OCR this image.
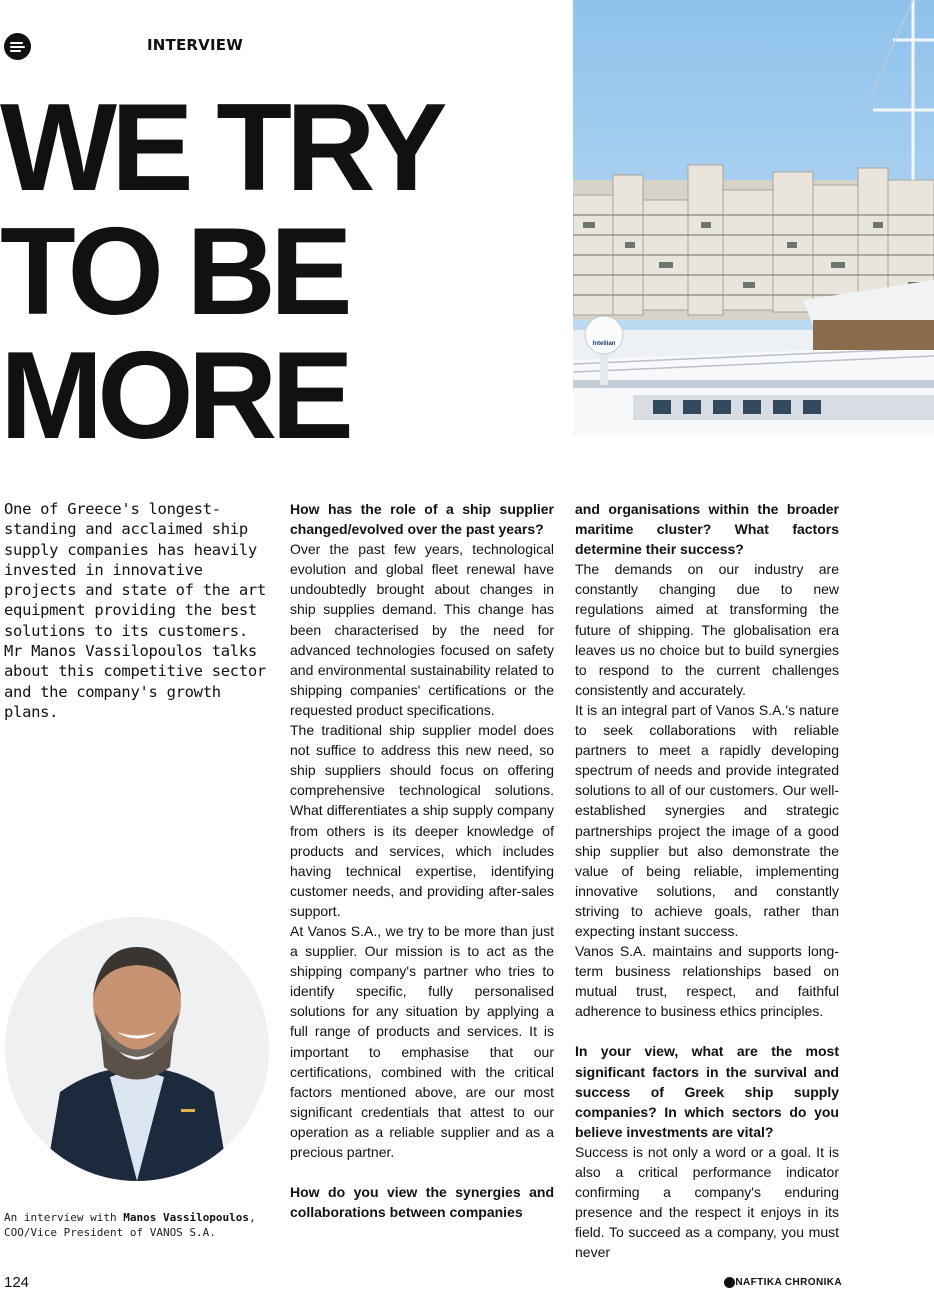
INTERVIEW
WE TRY
TO BE
MORE	Intellian

One of Greece's longest-standing and acclaimed ship supply companies has heavily invested in innovative projects and state of the art equipment providing the best solutions to its customers. Mr Manos Vassilopoulos talks about this competitive sector and the company's growth plans.

An interview with Manos Vassilopoulos, COO/Vice President of VANOS S.A.

How has the role of a ship supplier changed/evolved over the past years?

Over the past few years, technological evolution and global fleet renewal have undoubtedly brought about changes in ship supplies demand. This change has been characterised by the need for advanced technologies focused on safety and environmental sustainability related to shipping companies' certifications or the requested product specifications.

The traditional ship supplier model does not suffice to address this new need, so ship suppliers should focus on offering comprehensive technological solutions. What differentiates a ship supply company from others is its deeper knowledge of products and services, which includes having technical expertise, identifying customer needs, and providing after-sales support.

At Vanos S.A., we try to be more than just a supplier. Our mission is to act as the shipping company's partner who tries to identify specific, fully personalised solutions for any situation by applying a full range of products and services. It is important to emphasise that our certifications, combined with the critical factors mentioned above, are our most significant credentials that attest to our operation as a reliable supplier and as a precious partner.

How do you view the synergies and collaborations between companies

and organisations within the broader maritime cluster? What factors determine their success?

The demands on our industry are constantly changing due to new regulations aimed at transforming the future of shipping. The globalisation era leaves us no choice but to build synergies to respond to the current challenges consistently and accurately.

It is an integral part of Vanos S.A.'s nature to seek collaborations with reliable partners to meet a rapidly developing spectrum of needs and provide integrated solutions to all of our customers. Our well-established synergies and strategic partnerships project the image of a good ship supplier but also demonstrate the value of being reliable, implementing innovative solutions, and constantly striving to achieve goals, rather than expecting instant success.

Vanos S.A. maintains and supports long-term business relationships based on mutual trust, respect, and faithful adherence to business ethics principles.

In your view, what are the most significant factors in the survival and success of Greek ship supply companies? In which sectors do you believe investments are vital?

Success is not only a word or a goal. It is also a critical performance indicator confirming a company's enduring presence and the respect it enjoys in its field. To succeed as a company, you must never

124	NAFTIKA CHRONIKA
